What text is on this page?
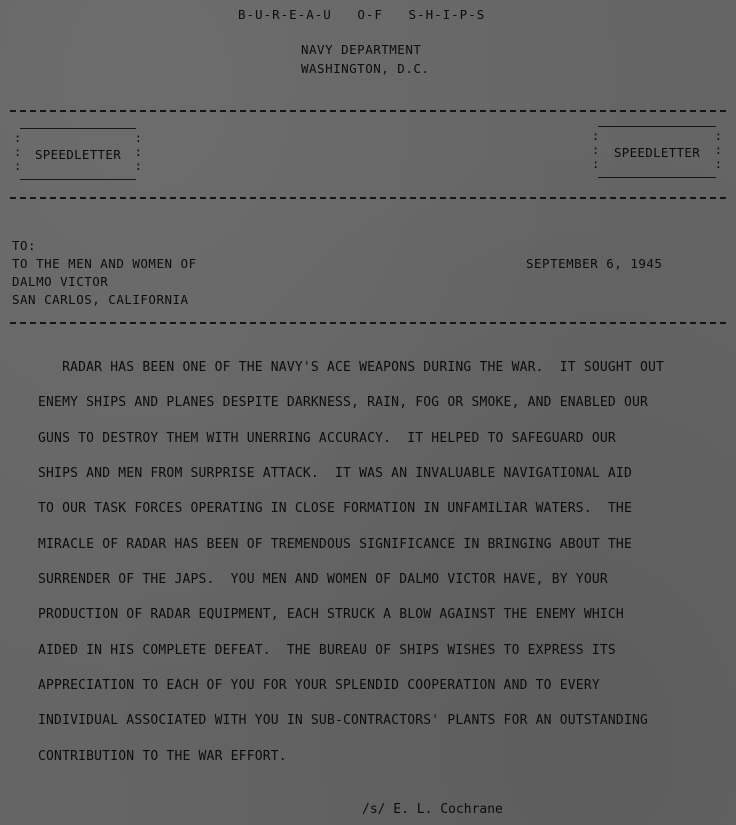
B-U-R-E-A-U   O-F   S-H-I-P-S
NAVY DEPARTMENT
WASHINGTON, D.C.
:
:
:
:
:
:
SPEEDLETTER
:
:
:
:
:
:
SPEEDLETTER
TO:
TO THE MEN AND WOMEN OF
DALMO VICTOR
SAN CARLOS, CALIFORNIA
SEPTEMBER 6, 1945

RADAR HAS BEEN ONE OF THE NAVY'S ACE WEAPONS DURING THE WAR.  IT SOUGHT OUT

ENEMY SHIPS AND PLANES DESPITE DARKNESS, RAIN, FOG OR SMOKE, AND ENABLED OUR

GUNS TO DESTROY THEM WITH UNERRING ACCURACY.  IT HELPED TO SAFEGUARD OUR

SHIPS AND MEN FROM SURPRISE ATTACK.  IT WAS AN INVALUABLE NAVIGATIONAL AID

TO OUR TASK FORCES OPERATING IN CLOSE FORMATION IN UNFAMILIAR WATERS.  THE

MIRACLE OF RADAR HAS BEEN OF TREMENDOUS SIGNIFICANCE IN BRINGING ABOUT THE

SURRENDER OF THE JAPS.  YOU MEN AND WOMEN OF DALMO VICTOR HAVE, BY YOUR

PRODUCTION OF RADAR EQUIPMENT, EACH STRUCK A BLOW AGAINST THE ENEMY WHICH

AIDED IN HIS COMPLETE DEFEAT.  THE BUREAU OF SHIPS WISHES TO EXPRESS ITS

APPRECIATION TO EACH OF YOU FOR YOUR SPLENDID COOPERATION AND TO EVERY

INDIVIDUAL ASSOCIATED WITH YOU IN SUB-CONTRACTORS' PLANTS FOR AN OUTSTANDING

CONTRIBUTION TO THE WAR EFFORT.

/s/ E. L. Cochrane
